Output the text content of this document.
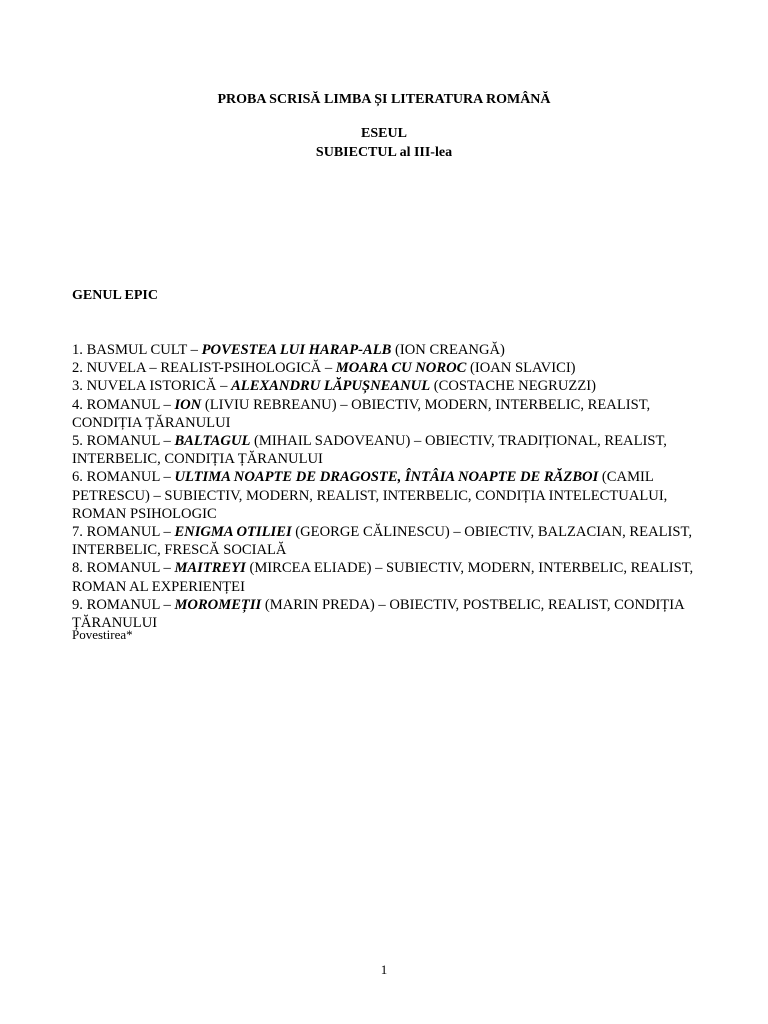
PROBA SCRISĂ LIMBA ȘI LITERATURA ROMÂNĂ
ESEUL
SUBIECTUL al III-lea
GENUL EPIC

1. BASMUL CULT – POVESTEA LUI HARAP-ALB (ION CREANGĂ)

2. NUVELA – REALIST-PSIHOLOGICĂ – MOARA CU NOROC (IOAN SLAVICI)

3. NUVELA ISTORICĂ – ALEXANDRU LĂPUȘNEANUL (COSTACHE NEGRUZZI)

4. ROMANUL – ION (LIVIU REBREANU) – OBIECTIV, MODERN, INTERBELIC, REALIST, CONDIȚIA ȚĂRANULUI

5. ROMANUL – BALTAGUL (MIHAIL SADOVEANU) – OBIECTIV, TRADIȚIONAL, REALIST, INTERBELIC, CONDIȚIA ȚĂRANULUI

6. ROMANUL – ULTIMA NOAPTE DE DRAGOSTE, ÎNTÂIA NOAPTE DE RĂZBOI (CAMIL PETRESCU) – SUBIECTIV, MODERN, REALIST, INTERBELIC, CONDIȚIA INTELECTUALUI, ROMAN PSIHOLOGIC

7. ROMANUL – ENIGMA OTILIEI (GEORGE CĂLINESCU) – OBIECTIV, BALZACIAN, REALIST, INTERBELIC, FRESCĂ SOCIALĂ

8. ROMANUL – MAITREYI (MIRCEA ELIADE) – SUBIECTIV, MODERN, INTERBELIC, REALIST, ROMAN AL EXPERIENȚEI

9. ROMANUL – MOROMEȚII (MARIN PREDA) – OBIECTIV, POSTBELIC, REALIST, CONDIȚIA ȚĂRANULUI

Povestirea*
1
